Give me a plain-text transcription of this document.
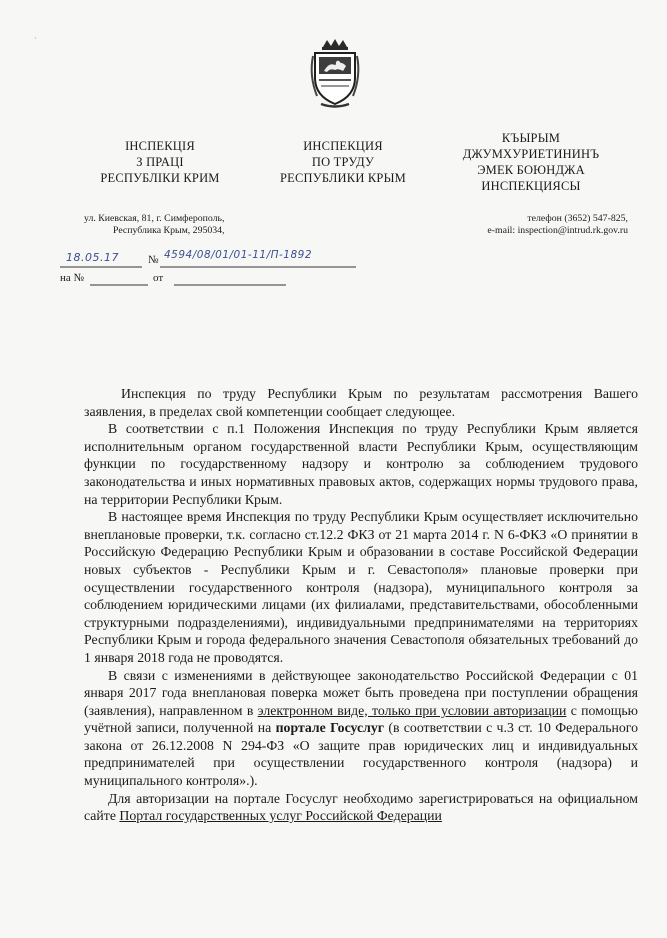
·
ІНСПЕКЦІЯ
З ПРАЦІ
РЕСПУБЛІКИ КРИМ
ИНСПЕКЦИЯ
ПО ТРУДУ
РЕСПУБЛИКИ КРЫМ
КЪЫРЫМ
ДЖУМХУРИЕТИНИНЪ
ЭМЕК БОЮНДЖА
ИНСПЕКЦИЯСЫ
ул. Киевская, 81, г. Симферополь,
Республика Крым, 295034,
телефон (3652) 547-825,
e-mail: inspection@intrud.rk.gov.ru
18.05.17	№ 4594/08/01/01-11/П-1892
на №	от

Инспекция по труду Республики Крым по результатам рассмотрения Вашего заявления, в пределах свой компетенции сообщает следующее.

В соответствии с п.1 Положения Инспекция по труду Республики Крым является исполнительным органом государственной власти Республики Крым, осуществляющим функции по государственному надзору и контролю за соблюдением трудового законодательства и иных нормативных правовых актов, содержащих нормы трудового права, на территории Республики Крым.

В настоящее время Инспекция по труду Республики Крым осуществляет исключительно внеплановые проверки, т.к. согласно ст.12.2 ФКЗ от 21 марта 2014 г. N 6-ФКЗ «О принятии в Российскую Федерацию Республики Крым и образовании в составе Российской Федерации новых субъектов - Республики Крым и г. Севастополя» плановые проверки при осуществлении государственного контроля (надзора), муниципального контроля за соблюдением юридическими лицами (их филиалами, представительствами, обособленными структурными подразделениями), индивидуальными предпринимателями на территориях Республики Крым и города федерального значения Севастополя обязательных требований до 1 января 2018 года не проводятся.

В связи с изменениями в действующее законодательство Российской Федерации с 01 января 2017 года внеплановая поверка может быть проведена при поступлении обращения (заявления), направленном в электронном виде, только при условии авторизации с помощью учётной записи, полученной на портале Госуслуг (в соответствии с ч.3 ст. 10 Федерального закона от 26.12.2008 N 294-ФЗ «О защите прав юридических лиц и индивидуальных предпринимателей при осуществлении государственного контроля (надзора) и муниципального контроля».).

Для авторизации на портале Госуслуг необходимо зарегистрироваться на официальном сайте Портал государственных услуг Российской Федерации
